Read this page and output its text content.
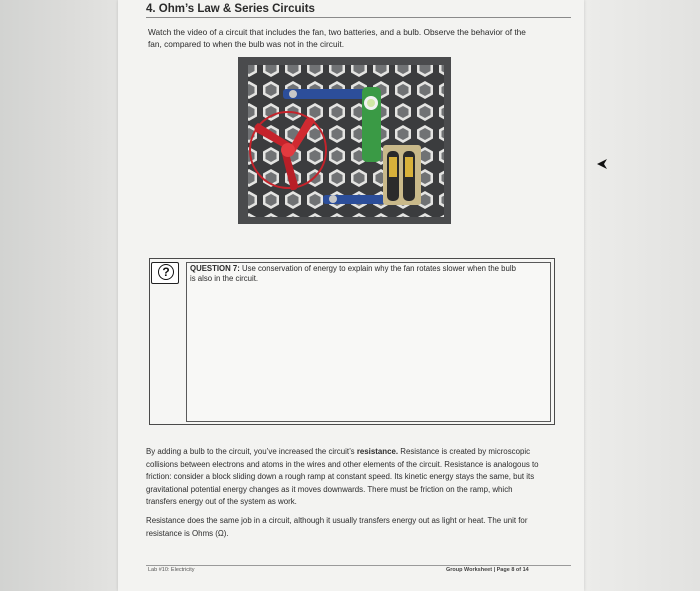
4. Ohm’s Law & Series Circuits
Watch the video of a circuit that includes the fan, two batteries, and a bulb. Observe the behavior of the fan, compared to when the bulb was not in the circuit.
QUESTION 7: Use conservation of energy to explain why the fan rotates slower when the bulb is also in the circuit.
?
By adding a bulb to the circuit, you’ve increased the circuit’s resistance. Resistance is created by microscopic collisions between electrons and atoms in the wires and other elements of the circuit. Resistance is analogous to friction: consider a block sliding down a rough ramp at constant speed. Its kinetic energy stays the same, but its gravitational potential energy changes as it moves downwards. There must be friction on the ramp, which transfers energy out of the system as work.
Resistance does the same job in a circuit, although it usually transfers energy out as light or heat. The unit for resistance is Ohms (Ω).
Lab #10: Electricity	Group Worksheet | Page 8 of 14
